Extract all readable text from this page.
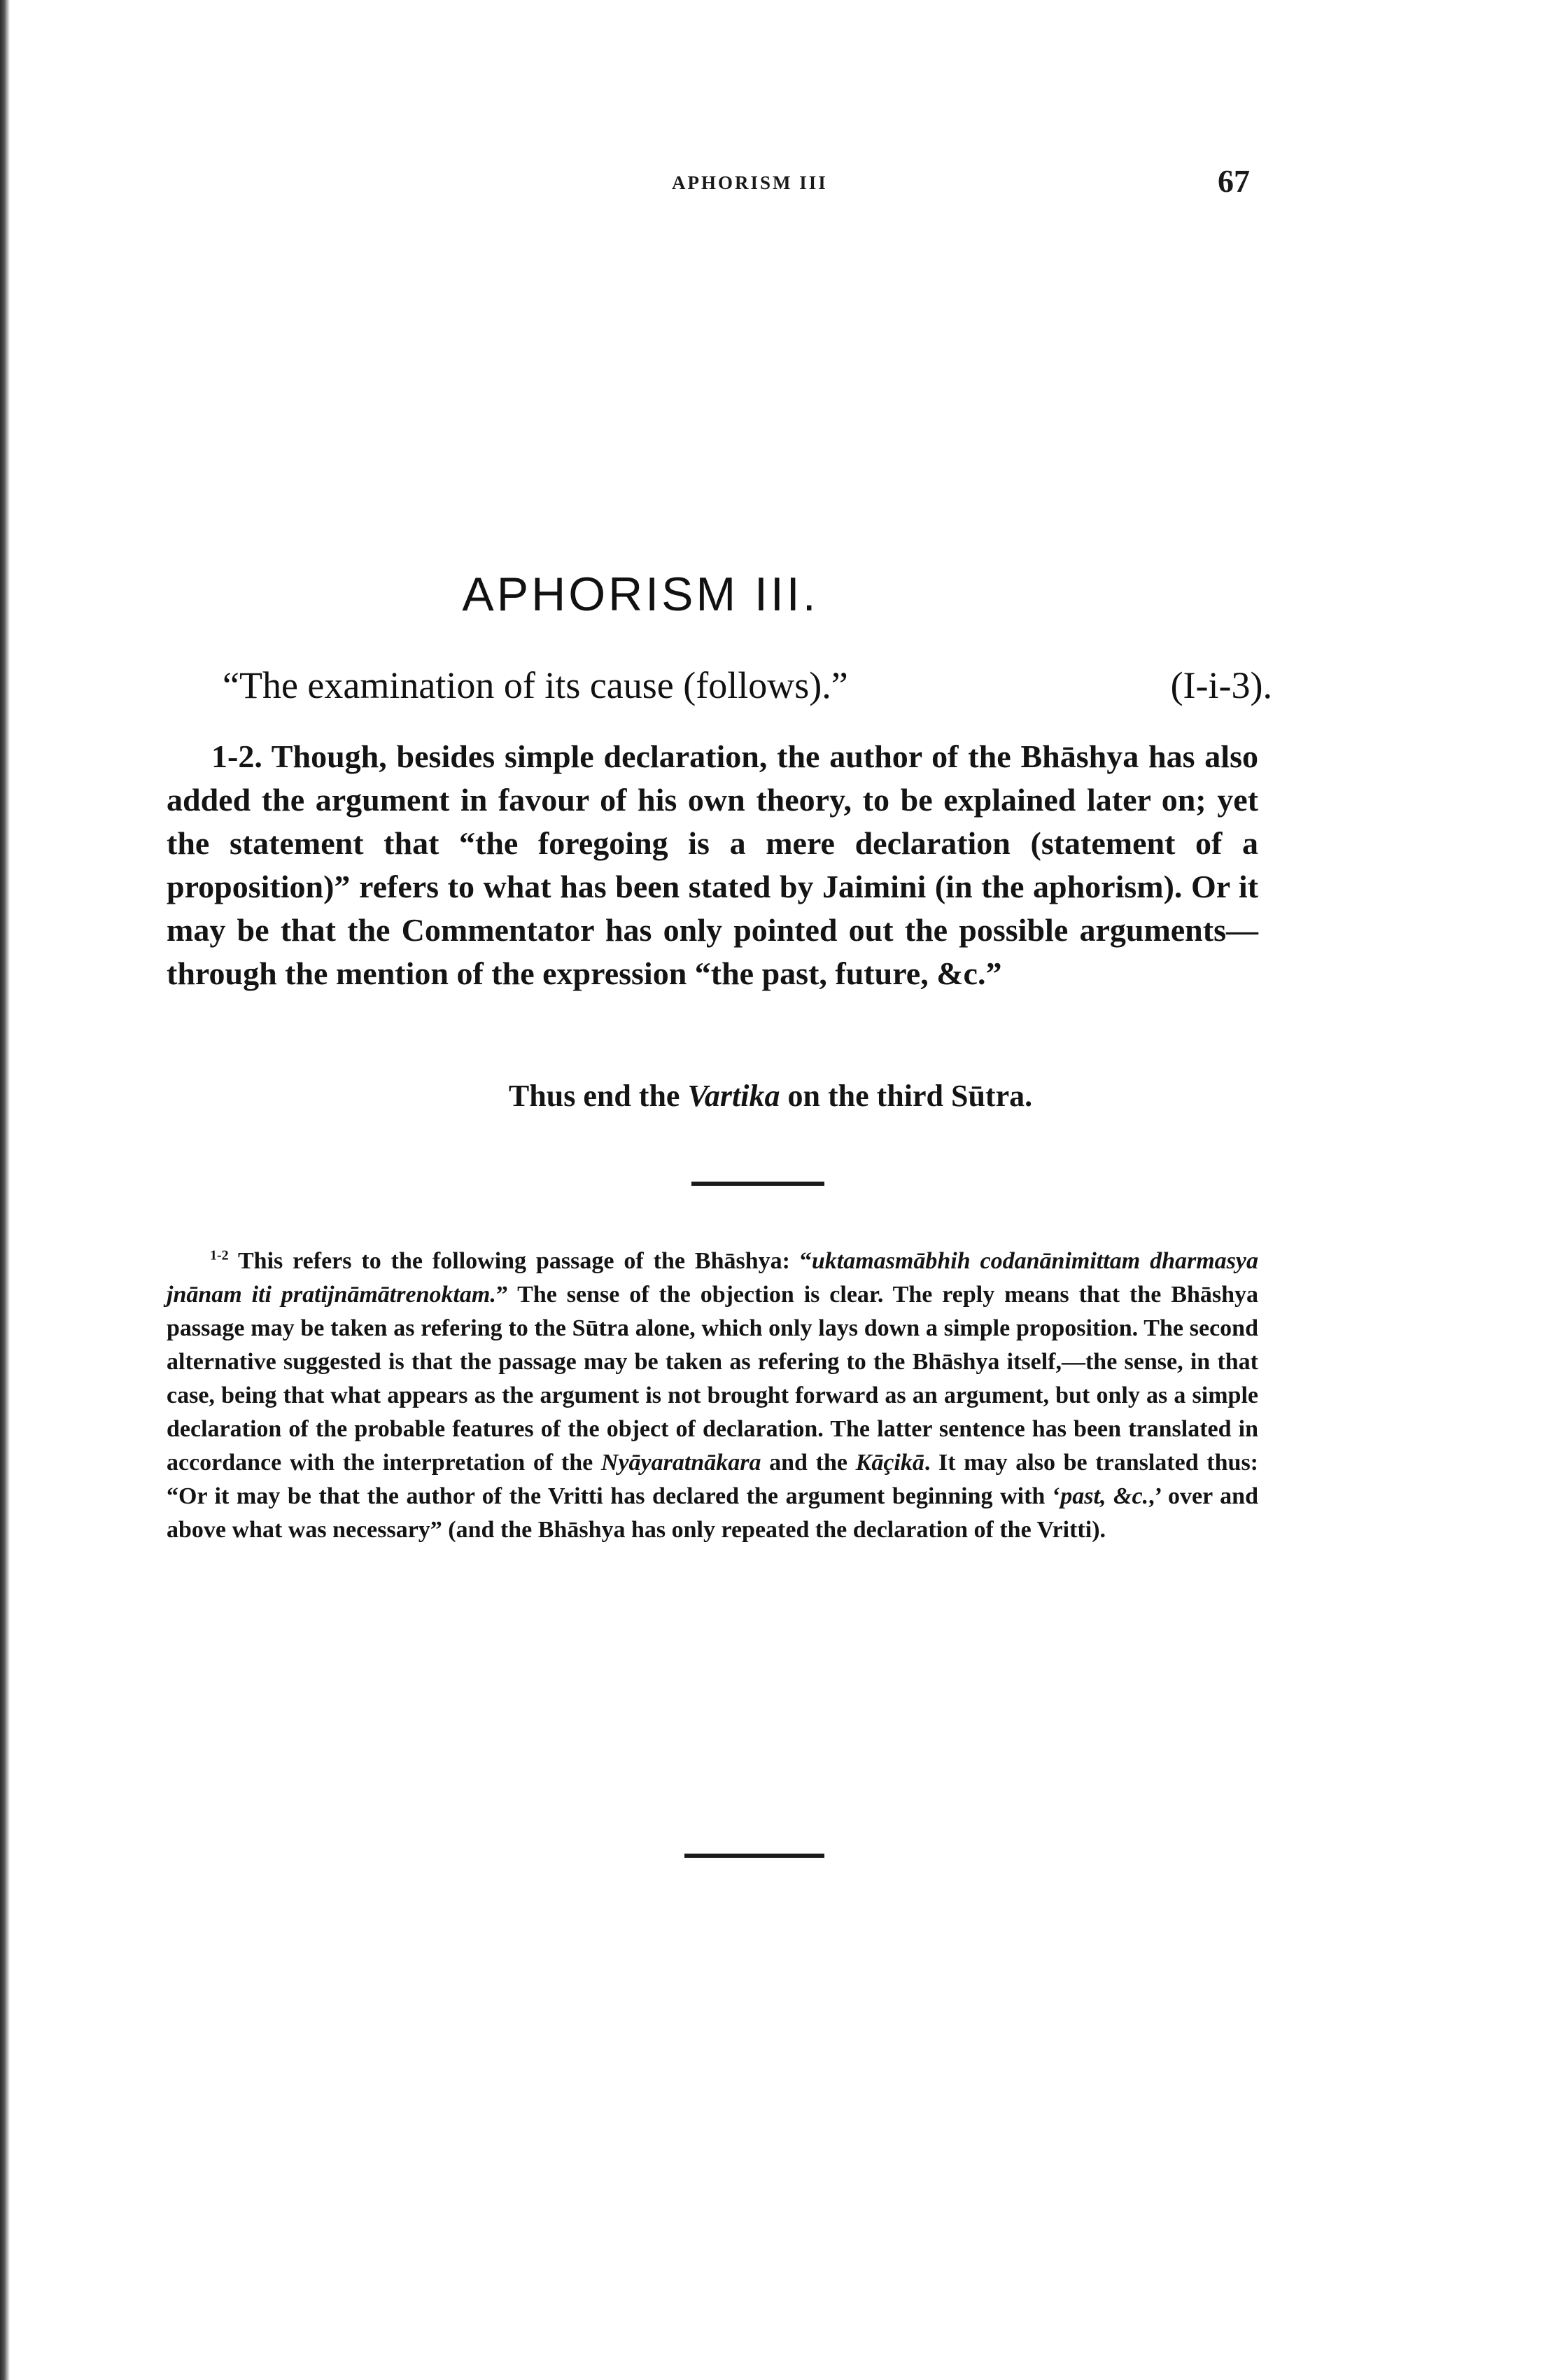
APHORISM III	67
APHORISM III.
“The examination of its cause (follows).”	(I-i-3).
1-2. Though, besides simple declaration, the author of the Bhāshya has also added the argument in favour of his own theory, to be explained later on; yet the statement that “the foregoing is a mere declaration (statement of a proposition)” refers to what has been stated by Jaimini (in the aphorism). Or it may be that the Commentator has only pointed out the possible arguments—through the mention of the expression “the past, future, &c.”
Thus end the Vartika on the third Sūtra.
$^{1-2}$ This refers to the following passage of the Bhāshya: “uktamasmābhih codanānimittam dharmasya jnānam iti pratijnāmātrenoktam.” The sense of the objection is clear. The reply means that the Bhāshya passage may be taken as refering to the Sūtra alone, which only lays down a simple proposition. The second alternative suggested is that the passage may be taken as refering to the Bhāshya itself,—the sense, in that case, being that what appears as the argument is not brought forward as an argument, but only as a simple declaration of the probable features of the object of declaration. The latter sentence has been translated in accordance with the interpretation of the Nyāyaratnākara and the Kāçikā. It may also be translated thus: “Or it may be that the author of the Vritti has declared the argument beginning with ‘past, &c.,’ over and above what was necessary” (and the Bhāshya has only repeated the declaration of the Vritti).
